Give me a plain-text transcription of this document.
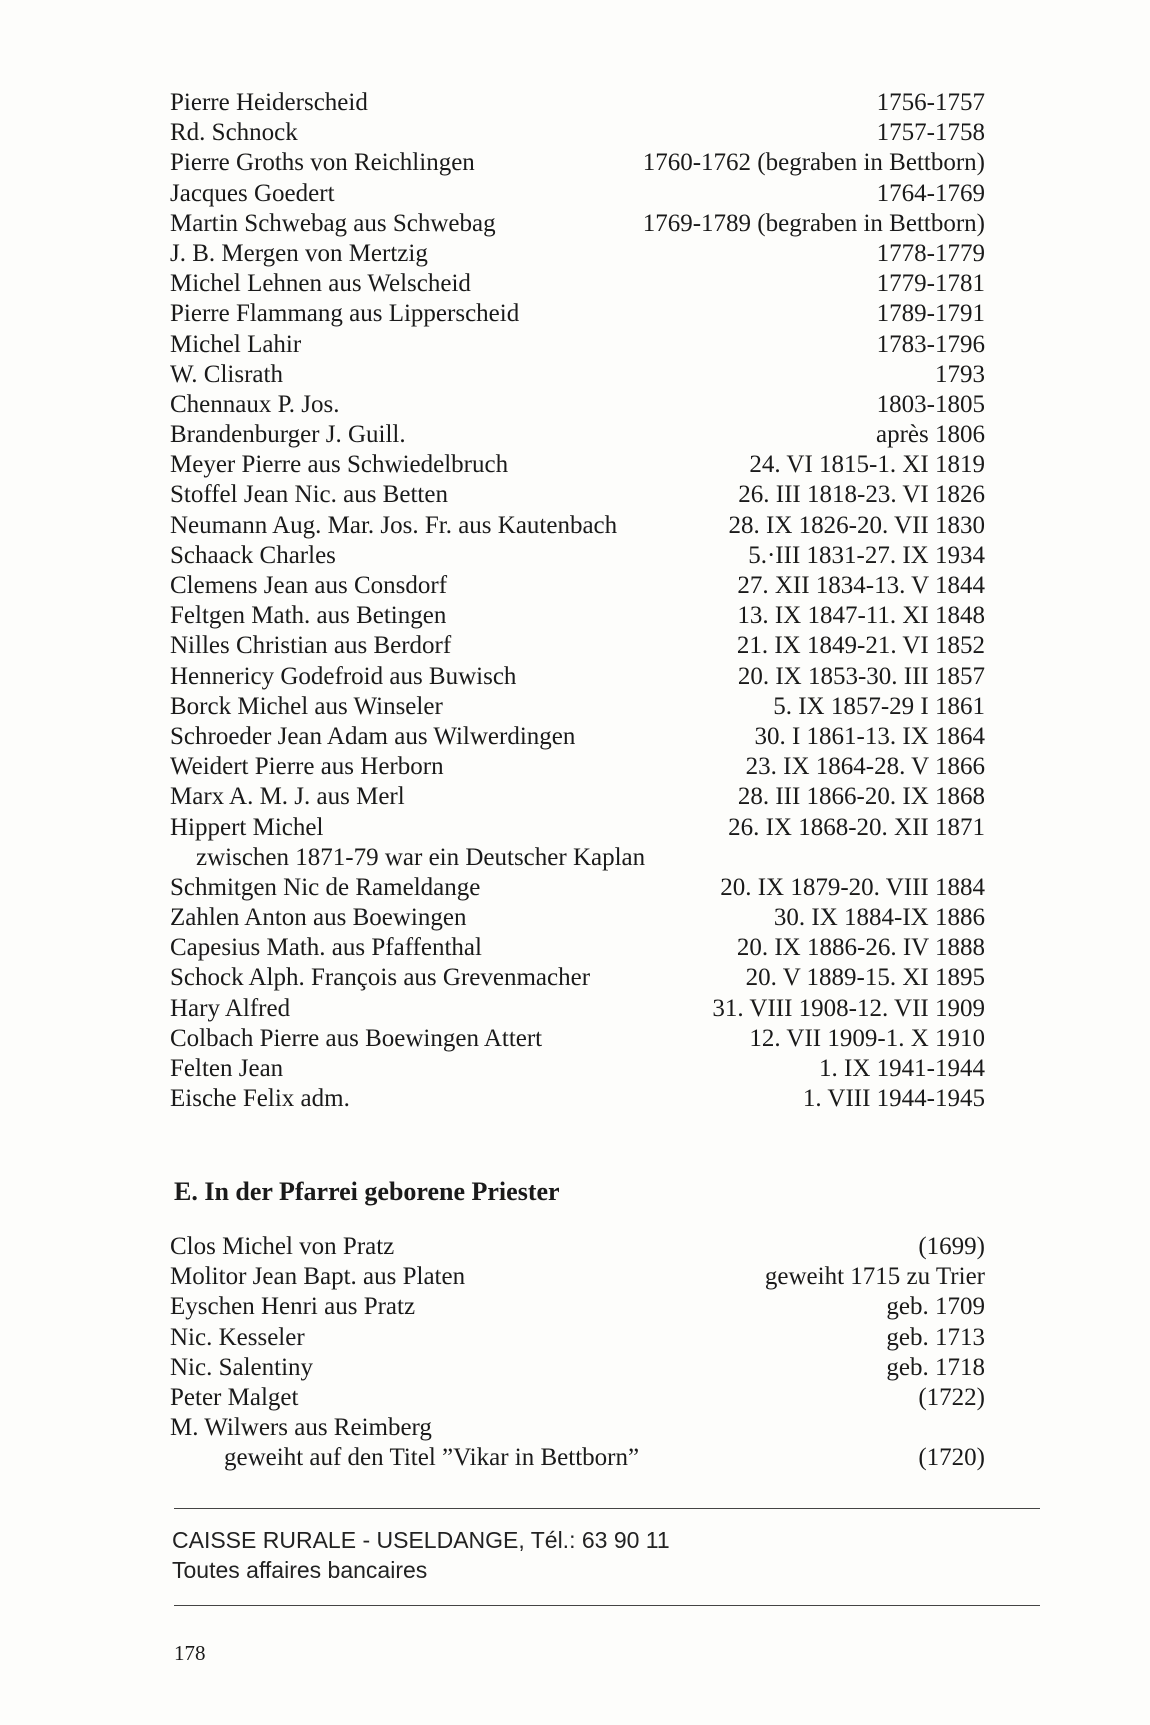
Pierre Heiderscheid	1756-1757
Rd. Schnock	1757-1758
Pierre Groths von Reichlingen	1760-1762 (begraben in Bettborn)
Jacques Goedert	1764-1769
Martin Schwebag aus Schwebag	1769-1789 (begraben in Bettborn)
J. B. Mergen von Mertzig	1778-1779
Michel Lehnen aus Welscheid	1779-1781
Pierre Flammang aus Lipperscheid	1789-1791
Michel Lahir	1783-1796
W. Clisrath	1793
Chennaux P. Jos.	1803-1805
Brandenburger J. Guill.	après 1806
Meyer Pierre aus Schwiedelbruch	24. VI 1815-1. XI 1819
Stoffel Jean Nic. aus Betten	26. III 1818-23. VI 1826
Neumann Aug. Mar. Jos. Fr. aus Kautenbach	28. IX 1826-20. VII 1830
Schaack Charles	5.·III 1831-27. IX 1934
Clemens Jean aus Consdorf	27. XII 1834-13. V 1844
Feltgen Math. aus Betingen	13. IX 1847-11. XI 1848
Nilles Christian aus Berdorf	21. IX 1849-21. VI 1852
Hennericy Godefroid aus Buwisch	20. IX 1853-30. III 1857
Borck Michel aus Winseler	5. IX 1857-29 I 1861
Schroeder Jean Adam aus Wilwerdingen	30. I 1861-13. IX 1864
Weidert Pierre aus Herborn	23. IX 1864-28. V 1866
Marx A. M. J. aus Merl	28. III 1866-20. IX 1868
Hippert Michel	26. IX 1868-20. XII 1871
zwischen 1871-79 war ein Deutscher Kaplan
Schmitgen Nic de Rameldange	20. IX 1879-20. VIII 1884
Zahlen Anton aus Boewingen	30. IX 1884-IX 1886
Capesius Math. aus Pfaffenthal	20. IX 1886-26. IV 1888
Schock Alph. François aus Grevenmacher	20. V 1889-15. XI 1895
Hary Alfred	31. VIII 1908-12. VII 1909
Colbach Pierre aus Boewingen Attert	12. VII 1909-1. X 1910
Felten Jean	1. IX 1941-1944
Eische Felix adm.	1. VIII 1944-1945
E. In der Pfarrei geborene Priester
Clos Michel von Pratz	(1699)
Molitor Jean Bapt. aus Platen	geweiht 1715 zu Trier
Eyschen Henri aus Pratz	geb. 1709
Nic. Kesseler	geb. 1713
Nic. Salentiny	geb. 1718
Peter Malget	(1722)
M. Wilwers aus Reimberg
geweiht auf den Titel ”Vikar in Bettborn”	(1720)
CAISSE RURALE - USELDANGE, Tél.: 63 90 11
Toutes affaires bancaires
178
